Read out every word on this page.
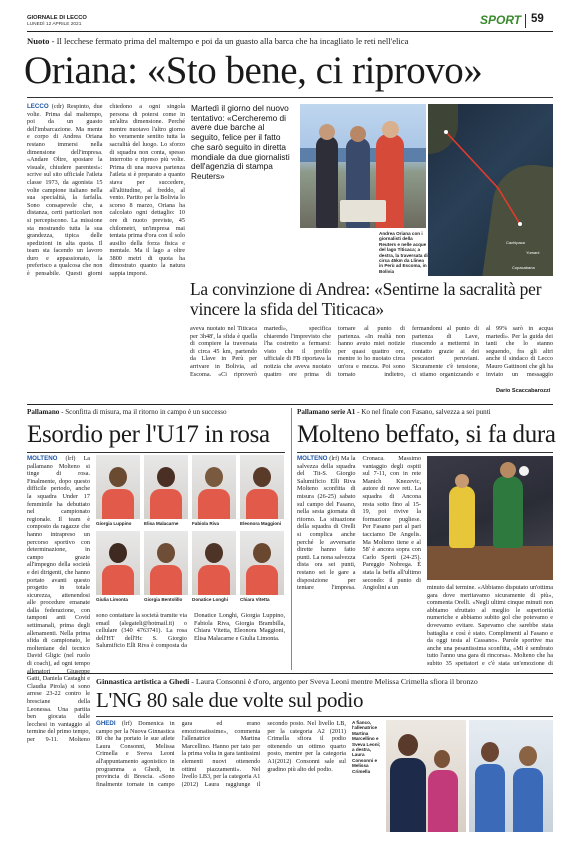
GIORNALE DI LECCO
LUNEDÌ 12 APRILE 2021	SPORT 59
Nuoto - Il lecchese fermato prima del maltempo e poi da un guasto alla barca che ha incagliato le reti nell'elica
Oriana: «Sto bene, ci riprovo»

LECCO (cdr) Respinto, due volte. Prima dal maltempo, poi da un guasto dell'imbarcazione. Ma mente e corpo di Andrea Oriana restano immersi nella dimensione dell'impresa. «Andare Oltre, spostare la visuale, chiudere parentesi»: scrive sul sito ufficiale l'atleta classe 1973, da agonista 15 volte campione italiano nella sua specialità, la farfalla. Sono consapevole che, a distanza, certi particolari non si percepiscono. La missione sta mostrando tutta la sua grandezza, tipica delle spedizioni in alta quota. Il team sta facendo un lavoro duro e appassionato, la preferisco a qualcosa che non è pensabile. Questi giorni chiedono a ogni singola persona di potersi come in un'altra dimensione. Perché mentre nuotavo l'altro giorno ho veramente sentito tutta la sacralità del luogo. Lo sforzo di squadra non conta, spesso interrotto e ripreso più volte. Prima di una nuova partenza l'atleta si è preparato a quanto stava per succedere, all'altitudine, al freddo, al vento. Partito per la Bolivia lo scorso 8 marzo, Oriana ha calcolato ogni dettaglio: 10 ore di nuoto previste, 45 chilometri, un'impresa mai tentata prima d'ora con il solo ausilio della forza fisica e mentale. Ma il lago a oltre 3800 metri di quota ha dimostrato quanto la natura sappia imporsi.

Martedì il giorno del nuovo tentativo: «Cercheremo di avere due barche al seguito, felice per il fatto che sarò seguito in diretta mondiale da due giornalisti dell'agenzia di stampa Reuters»
Andrea Oriana con i giornalisti della Reuters e nelle acque del lago Titicaca; a destra, la traversata di circa 45km da Llinea in Perù ad Escoma, in Bolivia
Cachipaca
Yumani
Copacabana
La convinzione di Andrea: «Sentirne la sacralità per vincere la sfida del Titicaca»

aveva nuotato nel Titicaca per 3h48', la sfida è quella di compiere la traversata di circa 45 km, partendo da Llave in Perù per arrivare in Bolivia, ad Escoma. «Ci riproverò martedì», specifica chiarendo l'imprevisto che l'ha costretto a fermarsi: visto che il profilo ufficiale di FB riportava la notizia che aveva nuotato quattro ore prima di tornare al punto di partenza. «In realtà non hanno avuto miei notizie per quasi quattro ore, mentre io ho nuotato circa un'ora e mezza. Poi sono tornato indietro, fermandomi al punto di partenza di Lave, riuscendo a mettermi in contatto grazie ai dei pescatori peruviani. Sicuramente c'è tensione, ci stiamo organizzando e al 99% sarò in acqua martedì». Per la guida dei tanti che lo stanno seguendo, fra gli altri anche il sindaco di Lecco Mauro Gattinoni che gli ha inviato un messaggio

Dario Scaccabarozzi
Pallamano - Sconfitta di misura, ma il ritorno in campo è un successo
Esordio per l'U17 in rosa

MOLTENO (lrf) La pallamano Molteno si tinge di rosa. Finalmente, dopo questo difficile periodo, anche la squadra Under 17 femminile ha debuttato nel campionato regionale. Il team è composto da ragazze che hanno intrapreso un percorso sportivo con determinazione, in campo grazie all'impegno della società e dei dirigenti, che hanno portato avanti questo progetto in totale sicurezza, attenendosi alle procedure emanate dalla federazione, con tamponi anti Covid settimanali, prima degli allenamenti. Nella prima sfida di campionato, le molteniane del tecnico David Gligic (nel ruolo di coach), ad ogni tempo allenatori Giuseppe Gatti, Daniela Castaghi e Claudia Pirola) si sono arrese 23-22 contro le bresciane della Leonessa. Una partita ben giocata dalle lecchesi in vantaggio al termine del primo tempo, per 9-11. Molteno

Giorgia Luppino	Elisa Malacarne	Fabiola Riva	Eleonora Maggioni
Giulia Limonta	Giorgia Bentolillo Donatice Longhi	Chiara Vitetta

sono contattare la società tramite via email (alegateli@hotmail.it) o cellulare (340 4763741). La rosa dell'HT dell'Hc S. Giorgio Salumificio Elli Riva è composta da Donatice Longhi, Giorgia Luppino, Fabiola Riva, Giorgia Brambilla, Chiara Vitetta, Eleonora Maggioni, Elisa Malacarne e Giulia Limonta.

Pallamano serie A1 - Ko nel finale con Fasano, salvezza a sei punti
Molteno beffato, si fa dura

MOLTENO (lrf) Ma la salvezza della squadra del Tit-S. Giorgio Salumificio Elli Riva Molteno sconfitta di misura (26-25) sabato sul campo del Fasano, nella sesta giornata di ritorno. La situazione della squadra di Orelli si complica anche perché le avversarie dirette hanno fatto punti. La nona salvezza dista ora sei punti, restano sei le gare a disposizione per tentare l'impresa. Cronaca. Massimo vantaggio degli ospiti sul 7-11, con in rete Manich Knezevic, autore di nove reti. La squadra di Ancona resta sotto fino al 15-19, poi rivive la formazione pugliese. Per Fasano pari al pari tacciamo De Angelis. Ma Molteno tiene e al 58' è ancora sopra con Carlo Sperti (24-25). Pareggio Nobrega. È stata la beffa all'ultimo secondo: il punto di Angiolini a un	minuto dal termine. «Abbiamo disputato un'ottima gara dove meritavamo sicuramente di più», commenta Orelli. «Negli ultimi cinque minuti non abbiamo sfruttato al meglio le superiorità numeriche e abbiamo subito gol che potevamo e dovevamo evitare. Sapevamo che sarebbe stata battaglia e così è stato. Complimenti al Fasano e da oggi testa al Cassano». Parole sportive ma anche una pesantissima sconfitta, «Mi è sembrato tutto l'anno una gara di rincorsa». Molteno che ha subito 35 spettatori e c'è stata un'emozione di

Ginnastica artistica a Ghedi - Laura Consonni è d'oro, argento per Sveva Leoni mentre Melissa Crimella sfiora il bronzo
L'NG 80 sale due volte sul podio

GHEDI (lrf) Domenica in campo per la Nuova Ginnastica 80 che ha portato le sue atlete Laura Consonni, Melissa Crimella e Sveva Leoni all'appuntamento agonistico in programma a Ghedi, in provincia di Brescia. «Sono finalmente tornate in campo gara ed erano emozionatissime», commenta l'allenatrice Martina Marcellino. Hanno per tato per la prima volta in gara tantissimi elementi nuovi ottenendo ottimi piazzamenti». Nel livello LB3, per la categoria A1 (2012) Laura raggiunge il secondo posto. Nel livello LB, per la categoria A2 (2011) Crimella sfiora il podio ottenendo un ottimo quarto posto, mentre per la categoria A1(2012) Consonni sale sul gradino più alto del podio.

A fianco, l'allenatrice Martina Marcellino e Sveva Leoni; a destra, Laura Consonni e Melissa Crimella
